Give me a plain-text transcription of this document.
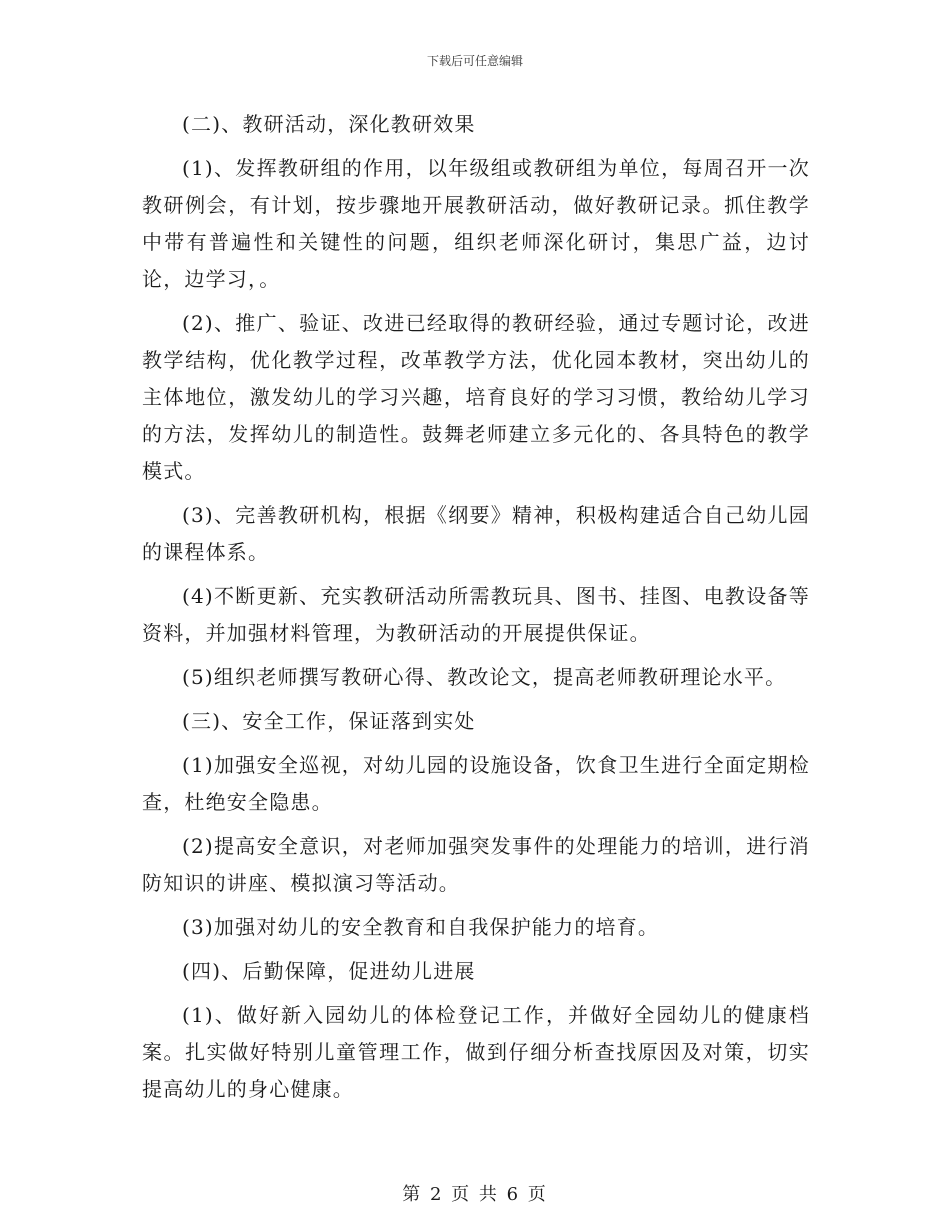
下载后可任意编辑

(二)、教研活动，深化教研效果

(1)、发挥教研组的作用，以年级组或教研组为单位，每周召开一次教研例会，有计划，按步骤地开展教研活动，做好教研记录。抓住教学中带有普遍性和关键性的问题，组织老师深化研讨，集思广益，边讨论，边学习，。

(2)、推广、验证、改进已经取得的教研经验，通过专题讨论，改进教学结构，优化教学过程，改革教学方法，优化园本教材，突出幼儿的主体地位，激发幼儿的学习兴趣，培育良好的学习习惯，教给幼儿学习的方法，发挥幼儿的制造性。鼓舞老师建立多元化的、各具特色的教学模式。

(3)、完善教研机构，根据《纲要》精神，积极构建适合自己幼儿园的课程体系。

(4)不断更新、充实教研活动所需教玩具、图书、挂图、电教设备等资料，并加强材料管理，为教研活动的开展提供保证。

(5)组织老师撰写教研心得、教改论文，提高老师教研理论水平。

(三)、安全工作，保证落到实处

(1)加强安全巡视，对幼儿园的设施设备，饮食卫生进行全面定期检查，杜绝安全隐患。

(2)提高安全意识，对老师加强突发事件的处理能力的培训，进行消防知识的讲座、模拟演习等活动。

(3)加强对幼儿的安全教育和自我保护能力的培育。

(四)、后勤保障，促进幼儿进展

(1)、做好新入园幼儿的体检登记工作，并做好全园幼儿的健康档案。扎实做好特别儿童管理工作，做到仔细分析查找原因及对策，切实提高幼儿的身心健康。

第 2 页 共 6 页
